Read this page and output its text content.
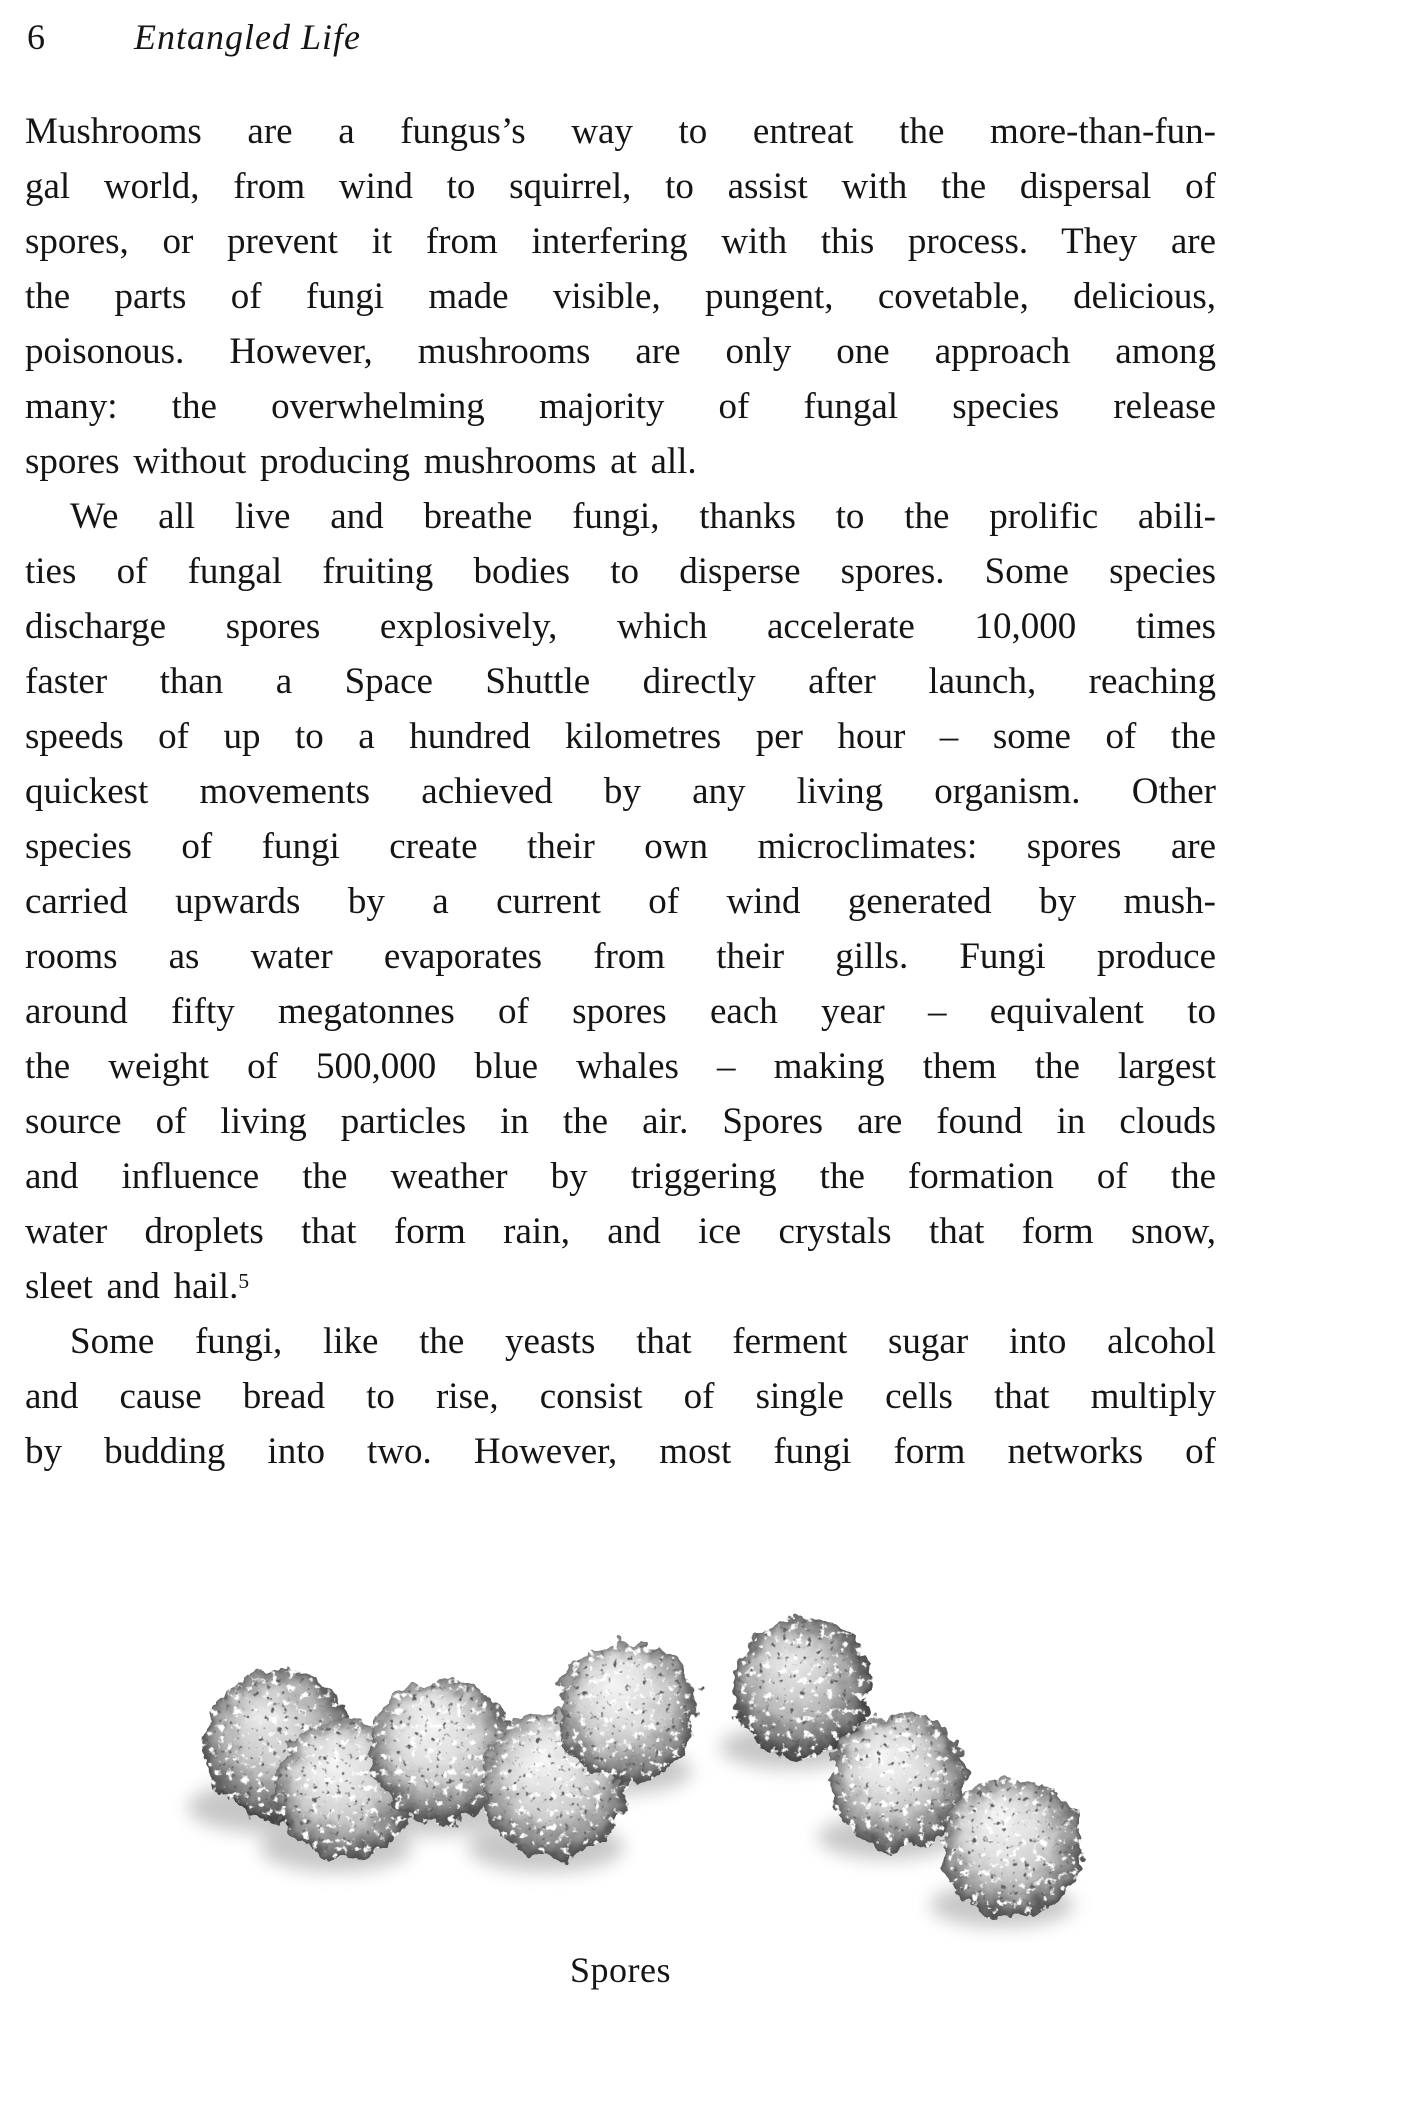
6 Entangled Life
Mushrooms are a fungus’s way to entreat the more-than-fun-
gal world, from wind to squirrel, to assist with the dispersal of
spores, or prevent it from interfering with this process. They are
the parts of fungi made visible, pungent, covetable, delicious,
poisonous. However, mushrooms are only one approach among
many: the overwhelming majority of fungal species release
spores without producing mushrooms at all.
We all live and breathe fungi, thanks to the prolific abili-
ties of fungal fruiting bodies to disperse spores. Some species
discharge spores explosively, which accelerate 10,000 times
faster than a Space Shuttle directly after launch, reaching
speeds of up to a hundred kilometres per hour – some of the
quickest movements achieved by any living organism. Other
species of fungi create their own microclimates: spores are
carried upwards by a current of wind generated by mush-
rooms as water evaporates from their gills. Fungi produce
around fifty megatonnes of spores each year – equivalent to
the weight of 500,000 blue whales – making them the largest
source of living particles in the air. Spores are found in clouds
and influence the weather by triggering the formation of the
water droplets that form rain, and ice crystals that form snow,
sleet and hail.$^5$
Some fungi, like the yeasts that ferment sugar into alcohol
and cause bread to rise, consist of single cells that multiply
by budding into two. However, most fungi form networks of
Spores
